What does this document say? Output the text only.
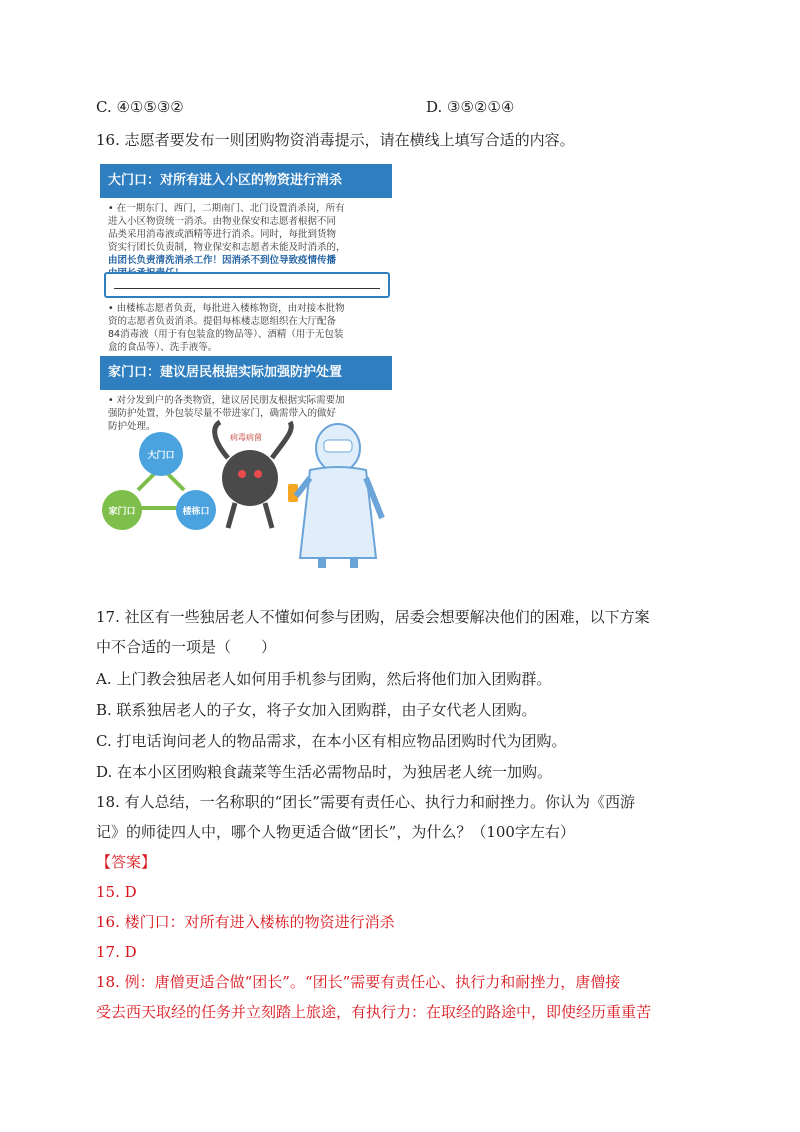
C. ④①⑤③②	D. ③⑤②①④
16. 志愿者要发布一则团购物资消毒提示，请在横线上填写合适的内容。
大门口：对所有进入小区的物资进行消杀
• 在一期东门、西门，二期南门、北门设置消杀岗，所有
进入小区物资统一消杀。由物业保安和志愿者根据不同
品类采用消毒液或酒精等进行消杀。同时，每批到货物
资实行团长负责制，物业保安和志愿者未能及时消杀的，
由团长负责清洗消杀工作！因消杀不到位导致疫情传播
• 由楼栋志愿者负责，每批进入楼栋物资，由对接本批物
资的志愿者负责消杀。提倡每栋楼志愿组织在大厅配备
84消毒液（用于有包装盒的物品等）、酒精（用于无包装
盒的食品等）、洗手液等。
家门口：建议居民根据实际加强防护处置
• 对分发到户的各类物资，建议居民朋友根据实际需要加
强防护处置，外包装尽量不带进家门，确需带入的做好
防护处理。
大门口
家门口	楼栋口
病毒病菌
17. 社区有一些独居老人不懂如何参与团购，居委会想要解决他们的困难，以下方案
中不合适的一项是（　　）
A. 上门教会独居老人如何用手机参与团购，然后将他们加入团购群。
B. 联系独居老人的子女，将子女加入团购群，由子女代老人团购。
C. 打电话询问老人的物品需求，在本小区有相应物品团购时代为团购。
D. 在本小区团购粮食蔬菜等生活必需物品时，为独居老人统一加购。
18. 有人总结，一名称职的“团长”需要有责任心、执行力和耐挫力。你认为《西游
记》的师徒四人中，哪个人物更适合做“团长”，为什么？（100字左右）
【答案】
15. D
16. 楼门口：对所有进入楼栋的物资进行消杀
17. D
18. 例：唐僧更适合做“团长”。“团长”需要有责任心、执行力和耐挫力，唐僧接
受去西天取经的任务并立刻踏上旅途，有执行力：在取经的路途中，即使经历重重苦
